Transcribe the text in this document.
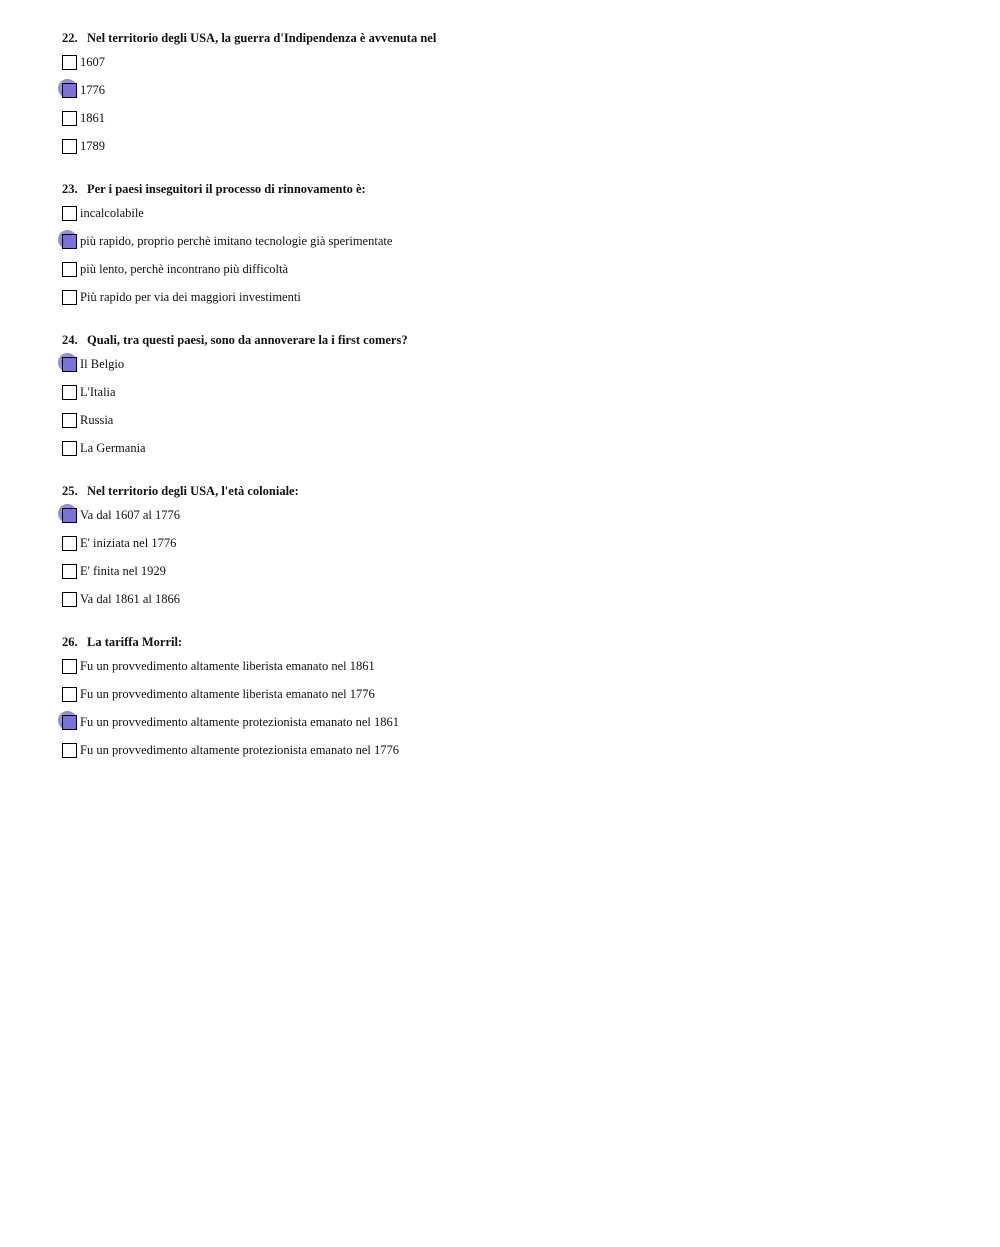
22. Nel territorio degli USA, la guerra d'Indipendenza è avvenuta nel
1607
1776
1861
1789
23. Per i paesi inseguitori il processo di rinnovamento è:
incalcolabile
più rapido, proprio perchè imitano tecnologie già sperimentate
più lento, perchè incontrano più difficoltà
Più rapido per via dei maggiori investimenti
24. Quali, tra questi paesi, sono da annoverare la i first comers?
Il Belgio
L'Italia
Russia
La Germania
25. Nel territorio degli USA, l'età coloniale:
Va dal 1607 al 1776
E' iniziata nel 1776
E' finita nel 1929
Va dal 1861 al 1866
26. La tariffa Morril:
Fu un provvedimento altamente liberista emanato nel 1861
Fu un provvedimento altamente liberista emanato nel 1776
Fu un provvedimento altamente protezionista emanato nel 1861
Fu un provvedimento altamente protezionista emanato nel 1776
